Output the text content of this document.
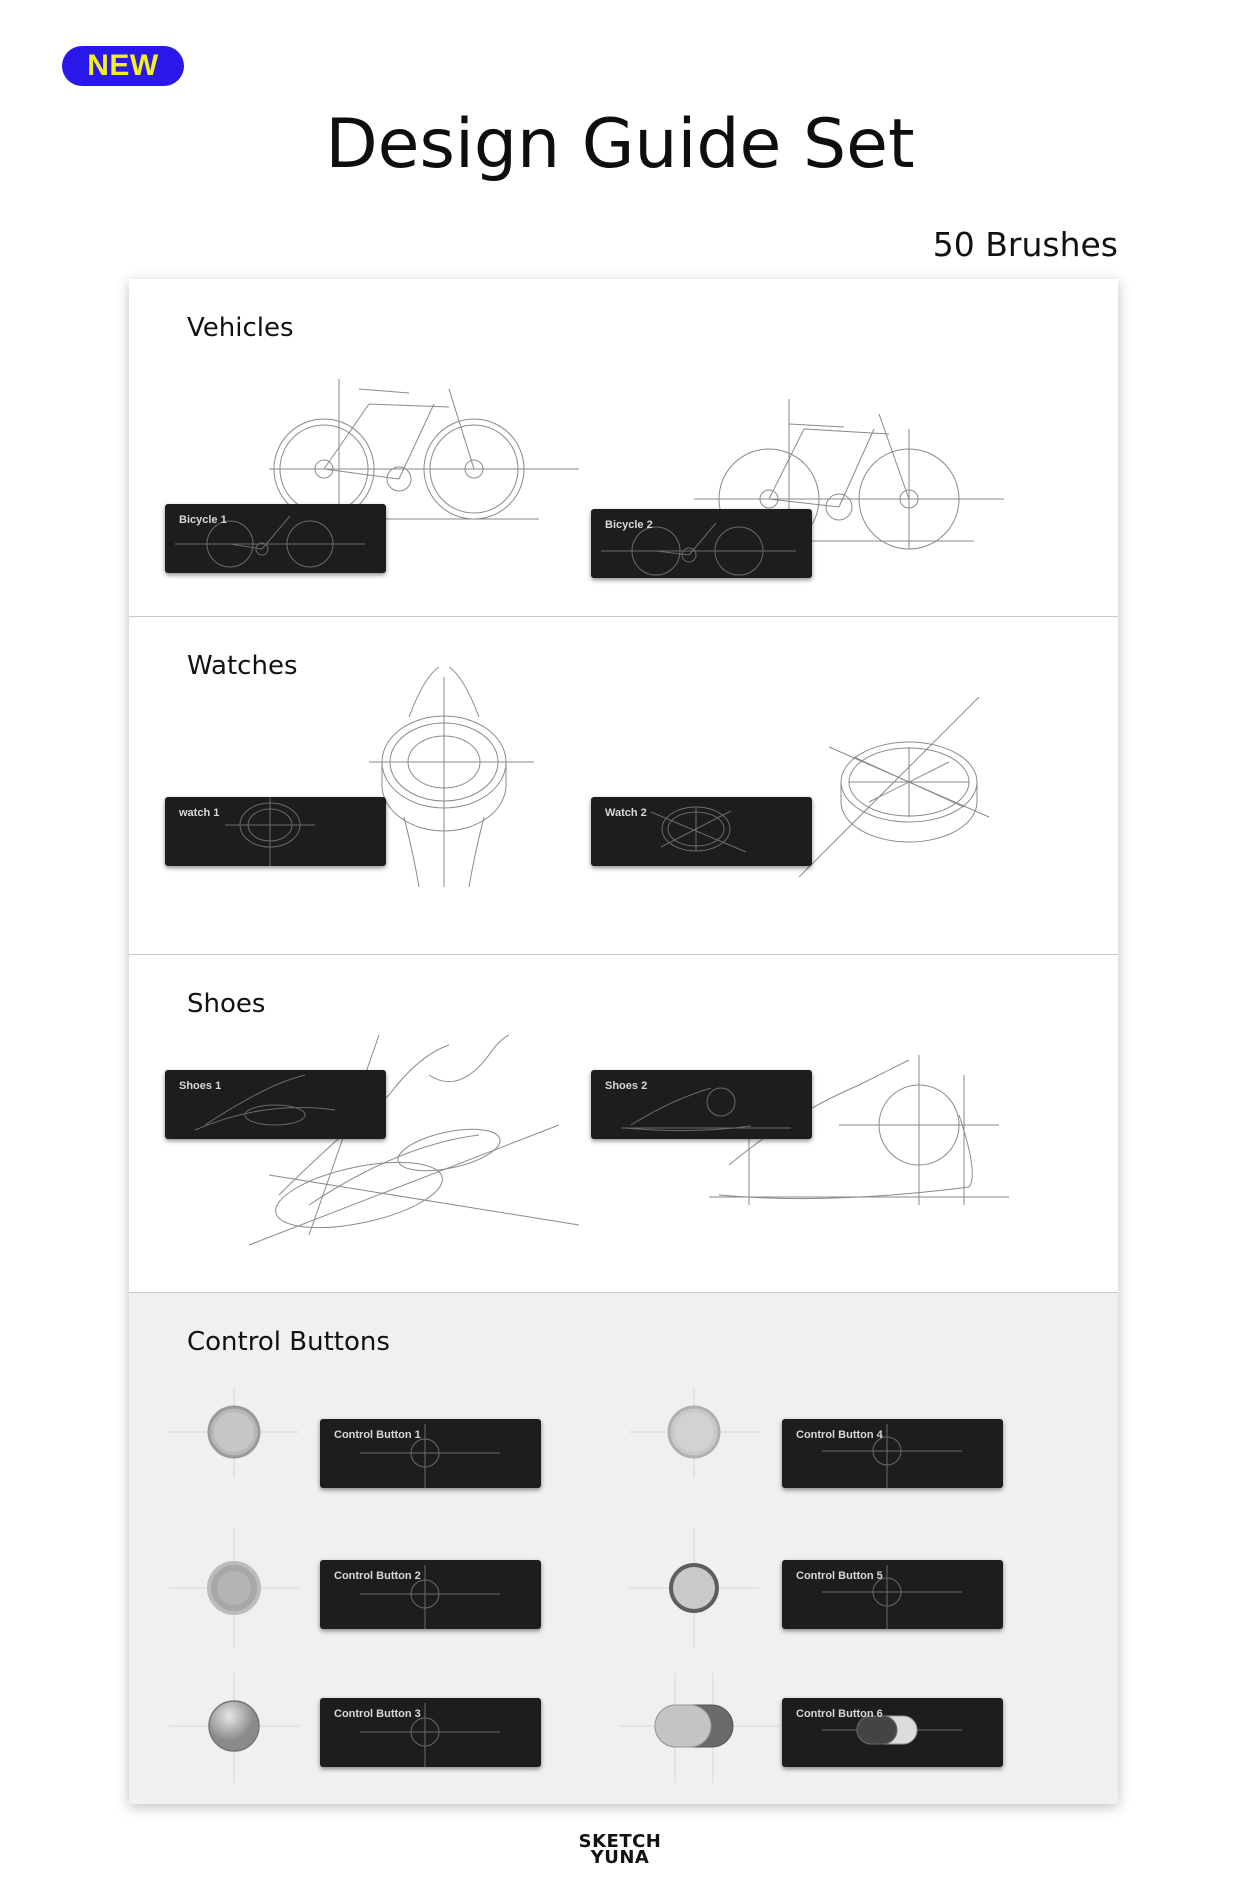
NEW
Design Guide Set
50 Brushes
Vehicles
Bicycle 1	Bicycle 2
Watches
watch 1	Watch 2
Shoes
Shoes 1	Shoes 2
Control Buttons
Control Button 1
Control Button 2
Control Button 3
Control Button 4
Control Button 5
Control Button 6
SKETCH
YUNA
